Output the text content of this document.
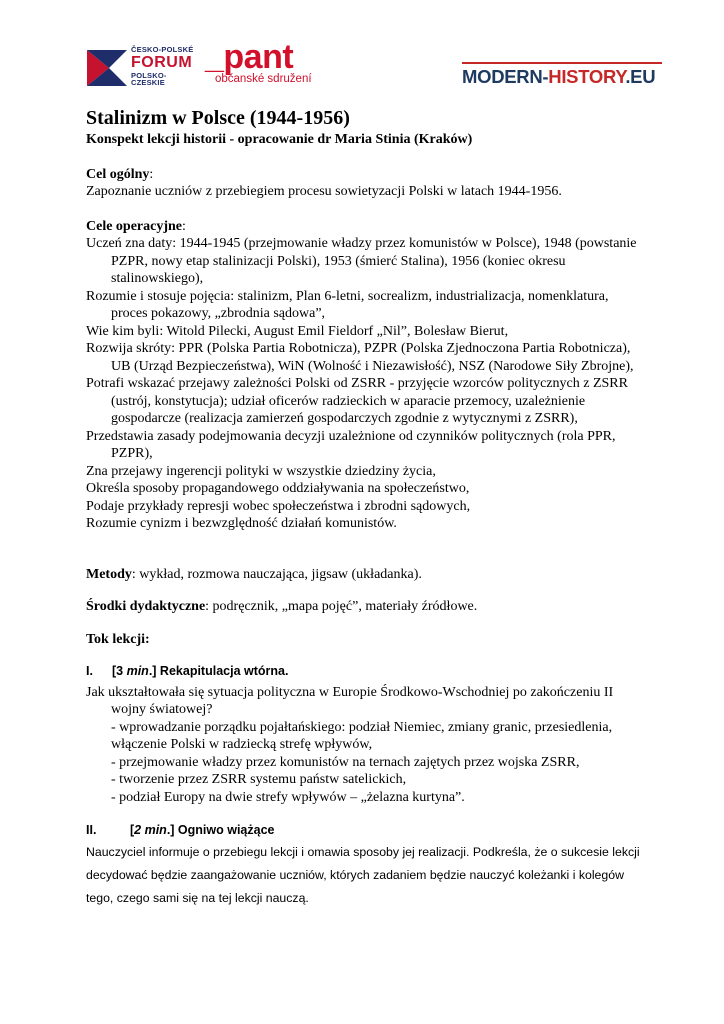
ČESKO-POLSKÉ
FORUM
POLSKO-CZESKIE
_pant
občanské sdružení	MODERN-HISTORY.EU
Stalinizm w Polsce (1944-1956)
Konspekt lekcji historii - opracowanie dr Maria Stinia (Kraków)
Cel ogólny:
Zapoznanie uczniów z przebiegiem procesu sowietyzacji Polski w latach 1944-1956.
Cele operacyjne:
Uczeń zna daty: 1944-1945 (przejmowanie władzy przez komunistów w Polsce), 1948 (powstanie PZPR, nowy etap stalinizacji Polski), 1953 (śmierć Stalina), 1956 (koniec okresu stalinowskiego),
Rozumie i stosuje pojęcia: stalinizm, Plan 6-letni, socrealizm, industrializacja, nomenklatura, proces pokazowy, „zbrodnia sądowa”,
Wie kim byli: Witold Pilecki, August Emil Fieldorf „Nil”, Bolesław Bierut,
Rozwija skróty: PPR (Polska Partia Robotnicza), PZPR (Polska Zjednoczona Partia Robotnicza), UB (Urząd Bezpieczeństwa), WiN (Wolność i Niezawisłość), NSZ (Narodowe Siły Zbrojne),
Potrafi wskazać przejawy zależności Polski od ZSRR - przyjęcie wzorców politycznych z ZSRR (ustrój, konstytucja); udział oficerów radzieckich w aparacie przemocy, uzależnienie gospodarcze (realizacja zamierzeń gospodarczych zgodnie z wytycznymi z ZSRR),
Przedstawia zasady podejmowania decyzji uzależnione od czynników politycznych (rola PPR, PZPR),
Zna przejawy ingerencji polityki w wszystkie dziedziny życia,
Określa sposoby propagandowego oddziaływania na społeczeństwo,
Podaje przykłady represji wobec społeczeństwa i zbrodni sądowych,
Rozumie cynizm i bezwzględność działań komunistów.
Metody: wykład, rozmowa nauczająca, jigsaw (układanka).
Środki dydaktyczne: podręcznik, „mapa pojęć”, materiały źródłowe.
Tok lekcji:
I.	[3 min.] Rekapitulacja wtórna.
Jak ukształtowała się sytuacja polityczna w Europie Środkowo-Wschodniej po zakończeniu II wojny światowej?
- wprowadzanie porządku pojałtańskiego: podział Niemiec, zmiany granic, przesiedlenia, włączenie Polski w radziecką strefę wpływów,
- przejmowanie władzy przez komunistów na ternach zajętych przez wojska ZSRR,
- tworzenie przez ZSRR systemu państw satelickich,
- podział Europy na dwie strefy wpływów – „żelazna kurtyna”.
II.	[2 min.] Ogniwo wiążące
Nauczyciel informuje o przebiegu lekcji i omawia sposoby jej realizacji. Podkreśla, że o sukcesie lekcji decydować będzie zaangażowanie uczniów, których zadaniem będzie nauczyć koleżanki i kolegów tego, czego sami się na tej lekcji nauczą.
